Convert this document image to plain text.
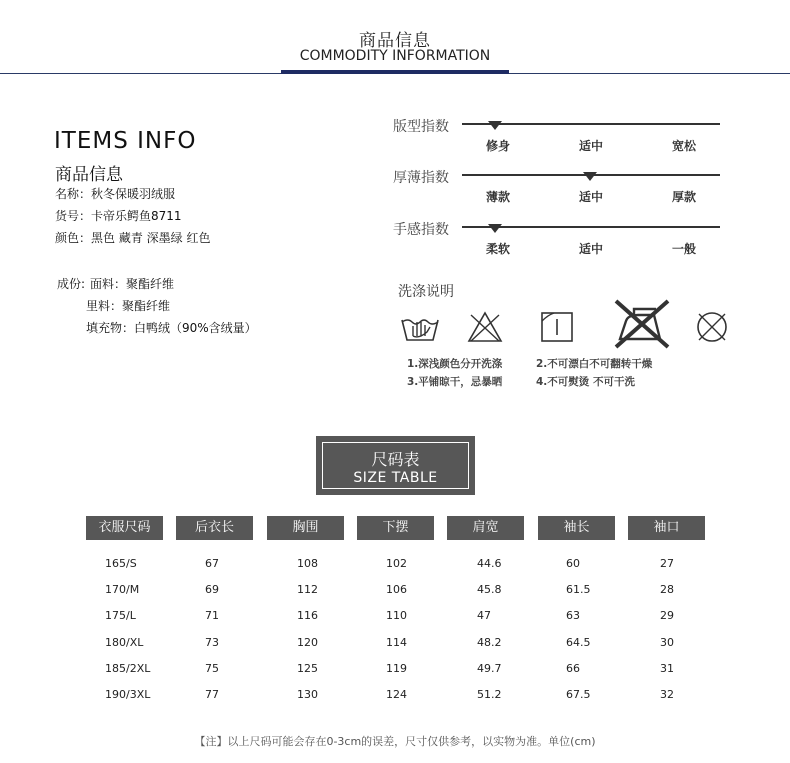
商品信息
COMMODITY INFORMATION
ITEMS INFO
商品信息
名称：秋冬保暖羽绒服
货号：卡帝乐鳄鱼8711
颜色：黑色 藏青 深墨绿 红色
成份: 面料：聚酯纤维
里料：聚酯纤维
填充物：白鸭绒（90%含绒量）
版型指数
修身	适中	宽松
厚薄指数
薄款	适中	厚款
手感指数
柔软	适中	一般
洗涤说明
1.深浅颜色分开洗涤	2.不可漂白不可翻转干燥
3.平铺晾干，忌暴晒	4.不可熨烫 不可干洗
尺码表
SIZE TABLE
衣服尺码	后衣长	胸围	下摆	肩宽	袖长	袖口
165/S	67	108	102	44.6	60	27
170/M	69	112	106	45.8	61.5	28
175/L	71	116	110	47	63	29
180/XL	73	120	114	48.2	64.5	30
185/2XL	75	125	119	49.7	66	31
190/3XL	77	130	124	51.2	67.5	32
【注】以上尺码可能会存在0-3cm的误差，尺寸仅供参考，以实物为准。单位(cm)
